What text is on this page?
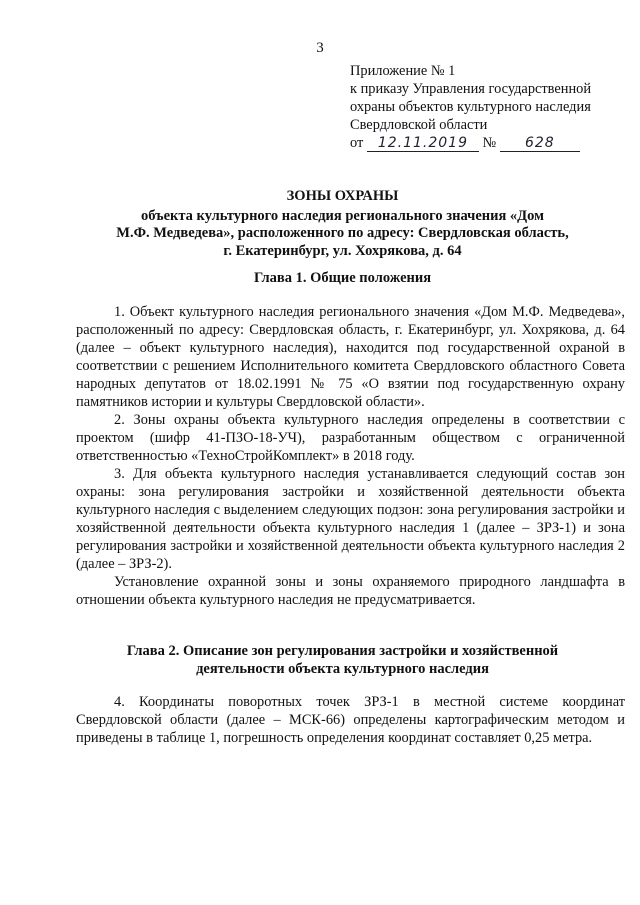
3
Приложение № 1
к приказу Управления государственной
охраны объектов культурного наследия
Свердловской области
от 12.11.2019 № 628
ЗОНЫ ОХРАНЫ
объекта культурного наследия регионального значения «Дом
М.Ф. Медведева», расположенного по адресу: Свердловская область,
г. Екатеринбург, ул. Хохрякова, д. 64
Глава 1. Общие положения

1. Объект культурного наследия регионального значения «Дом М.Ф. Медведева», расположенный по адресу: Свердловская область, г. Екатеринбург, ул. Хохрякова, д. 64 (далее – объект культурного наследия), находится под государственной охраной в соответствии с решением Исполнительного комитета Свердловского областного Совета народных депутатов от 18.02.1991 № 75 «О взятии под государственную охрану памятников истории и культуры Свердловской области».

2. Зоны охраны объекта культурного наследия определены в соответствии с проектом (шифр 41-ПЗО-18-УЧ), разработанным обществом с ограниченной ответственностью «ТехноСтройКомплект» в 2018 году.

3. Для объекта культурного наследия устанавливается следующий состав зон охраны: зона регулирования застройки и хозяйственной деятельности объекта культурного наследия с выделением следующих подзон: зона регулирования застройки и хозяйственной деятельности объекта культурного наследия 1 (далее – ЗРЗ-1) и зона регулирования застройки и хозяйственной деятельности объекта культурного наследия 2 (далее – ЗРЗ-2).

Установление охранной зоны и зоны охраняемого природного ландшафта в отношении объекта культурного наследия не предусматривается.

Глава 2. Описание зон регулирования застройки и хозяйственной
деятельности объекта культурного наследия

4. Координаты поворотных точек ЗРЗ-1 в местной системе координат Свердловской области (далее – МСК-66) определены картографическим методом и приведены в таблице 1, погрешность определения координат составляет 0,25 метра.
